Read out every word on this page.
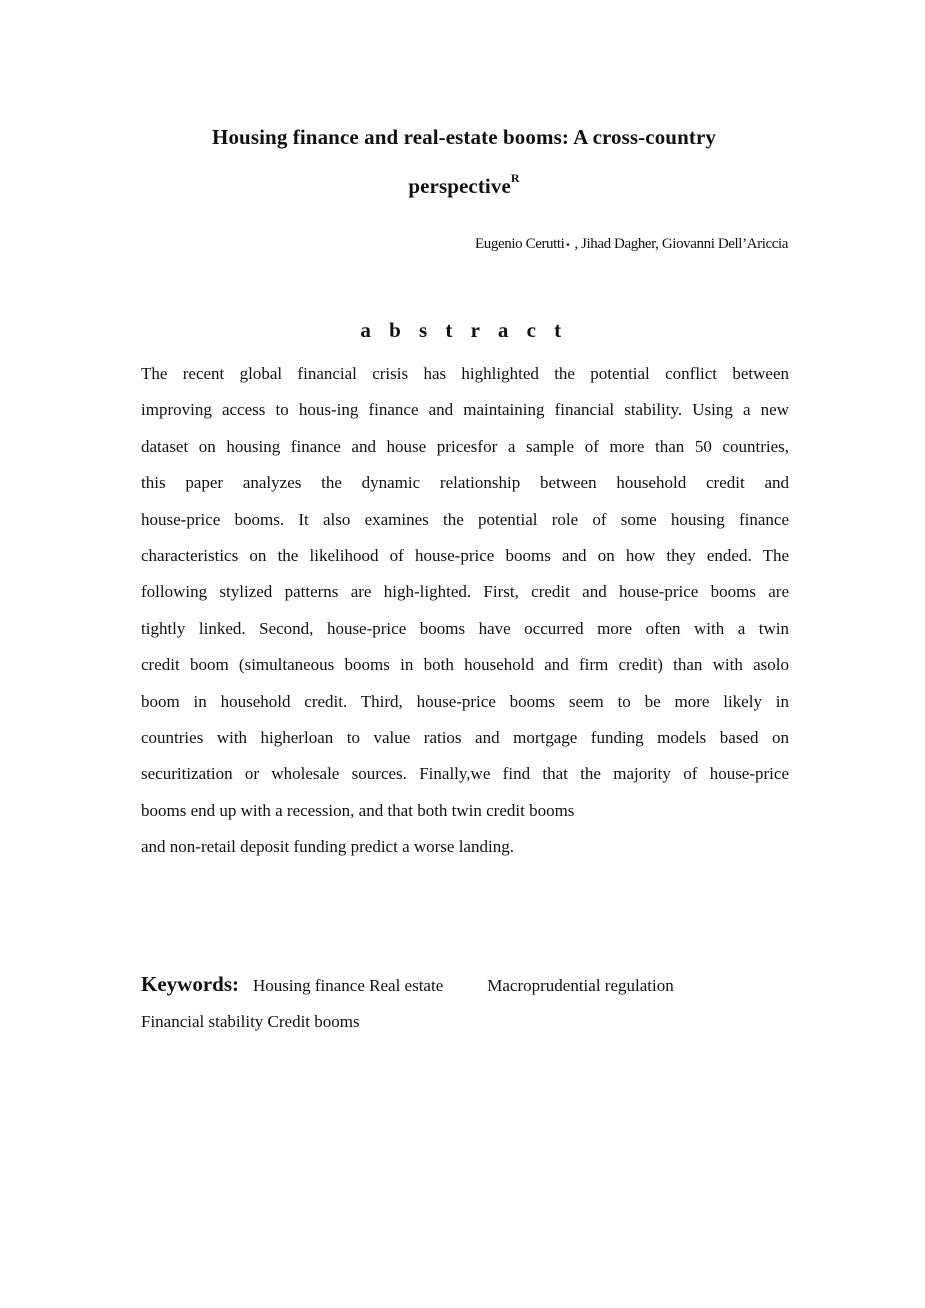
Housing finance and real-estate booms: A cross-country
perspective$^R$
Eugenio Cerutti⋆ , Jihad Dagher, Giovanni Dell’Ariccia
a b s t r a c t
The recent global financial crisis has highlighted the potential conflict between
improving access to hous-ing finance and maintaining financial stability. Using a new
dataset on housing finance and house pricesfor a sample of more than 50 countries,
this paper analyzes the dynamic relationship between household credit and
house-price booms. It also examines the potential role of some housing finance
characteristics on the likelihood of house-price booms and on how they ended. The
following stylized patterns are high-lighted. First, credit and house-price booms are
tightly linked. Second, house-price booms have occurred more often with a twin
credit boom (simultaneous booms in both household and firm credit) than with asolo
boom in household credit. Third, house-price booms seem to be more likely in
countries with higherloan to value ratios and mortgage funding models based on
securitization or wholesale sources. Finally,we find that the majority of house-price
booms end up with a recession, and that both twin credit booms
and non-retail deposit funding predict a worse landing.
Keywords: Housing finance Real estate	Macroprudential regulation
Financial stability Credit booms
